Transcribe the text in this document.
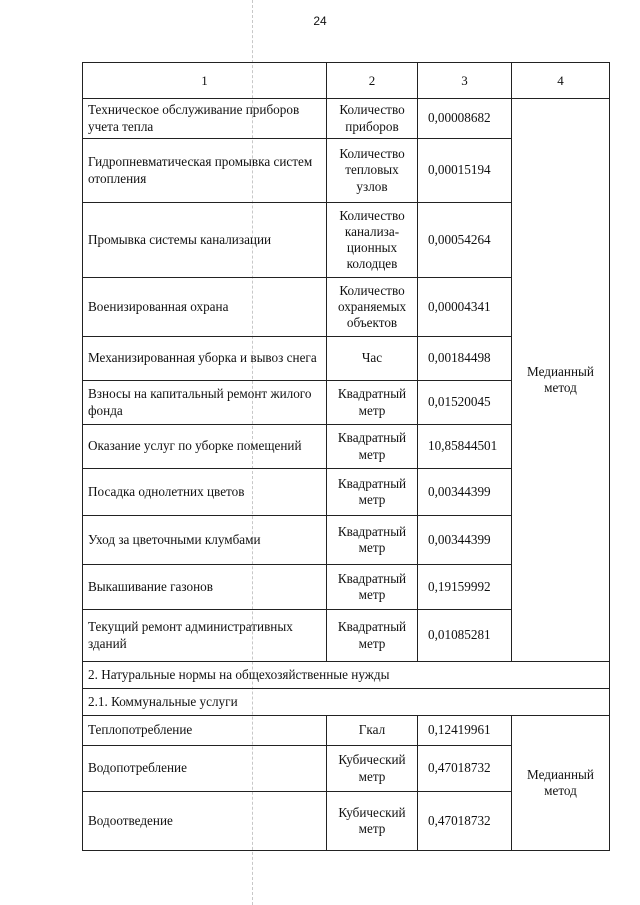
24
1	2	3	4
Техническое обслуживание приборов учета тепла	Количество приборов	0,00008682	Медианный метод
Гидропневматическая промывка систем отопления	Количество тепловых узлов	0,00015194	
Промывка системы канализации	Количество канализа-ционных колодцев	0,00054264	
Военизированная охрана	Количество охраняемых объектов	0,00004341	
Механизированная уборка и вывоз снега	Час	0,00184498	
Взносы на капитальный ремонт жилого фонда	Квадратный метр	0,01520045	
Оказание услуг по уборке помещений	Квадратный метр	10,85844501	
Посадка однолетних цветов	Квадратный метр	0,00344399	
Уход за цветочными клумбами	Квадратный метр	0,00344399	
Выкашивание газонов	Квадратный метр	0,19159992	
Текущий ремонт административных зданий	Квадратный метр	0,01085281	
2. Натуральные нормы на общехозяйственные нужды			
2.1. Коммунальные услуги			
Теплопотребление	Гкал	0,12419961	Медианный метод
Водопотребление	Кубический метр	0,47018732	
Водоотведение	Кубический метр	0,47018732	
